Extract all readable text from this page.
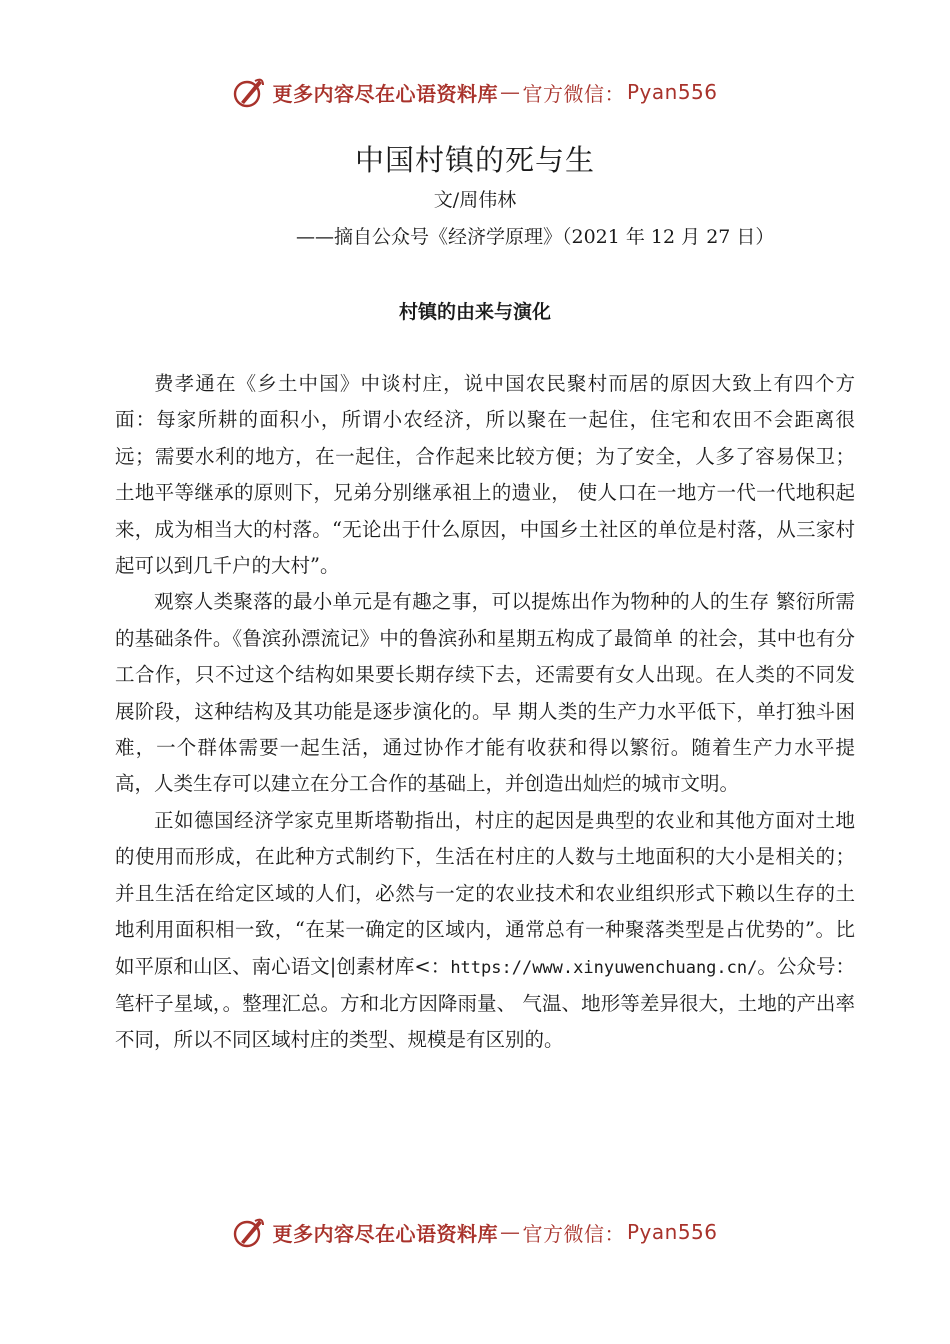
更多内容尽在心语资料库 — 官方微信： Pyan556
中国村镇的死与生
文/周伟林
——摘自公众号《经济学原理》（2021 年 12 月 27 日）
村镇的由来与演化

费孝通在《乡土中国》中谈村庄，说中国农民聚村而居的原因大致上有四个方面：每家所耕的面积小，所谓小农经济，所以聚在一起住，住宅和农田不会距离很远；需要水利的地方，在一起住，合作起来比较方便；为了安全，人多了容易保卫；土地平等继承的原则下，兄弟分别继承祖上的遗业， 使人口在一地方一代一代地积起来，成为相当大的村落。“无论出于什么原因，中国乡土社区的单位是村落，从三家村起可以到几千户的大村”。

观察人类聚落的最小单元是有趣之事，可以提炼出作为物种的人的生存 繁衍所需的基础条件。《鲁滨孙漂流记》中的鲁滨孙和星期五构成了最简单 的社会，其中也有分工合作，只不过这个结构如果要长期存续下去，还需要有女人出现。在人类的不同发展阶段，这种结构及其功能是逐步演化的。早 期人类的生产力水平低下，单打独斗困难，一个群体需要一起生活，通过协作才能有收获和得以繁衍。随着生产力水平提高，人类生存可以建立在分工合作的基础上，并创造出灿烂的城市文明。

正如德国经济学家克里斯塔勒指出，村庄的起因是典型的农业和其他方面对土地的使用而形成，在此种方式制约下，生活在村庄的人数与土地面积的大小是相关的；并且生活在给定区域的人们，必然与一定的农业技术和农业组织形式下赖以生存的土地利用面积相一致，“在某一确定的区域内，通常总有一种聚落类型是占优势的”。比如平原和山区、南心语文|创素材库<：https://www.xinyuwenchuang.cn/。公众号：笔杆子星域，。整理汇总。方和北方因降雨量、 气温、地形等差异很大，土地的产出率不同，所以不同区域村庄的类型、规模是有区别的。

更多内容尽在心语资料库 — 官方微信： Pyan556
